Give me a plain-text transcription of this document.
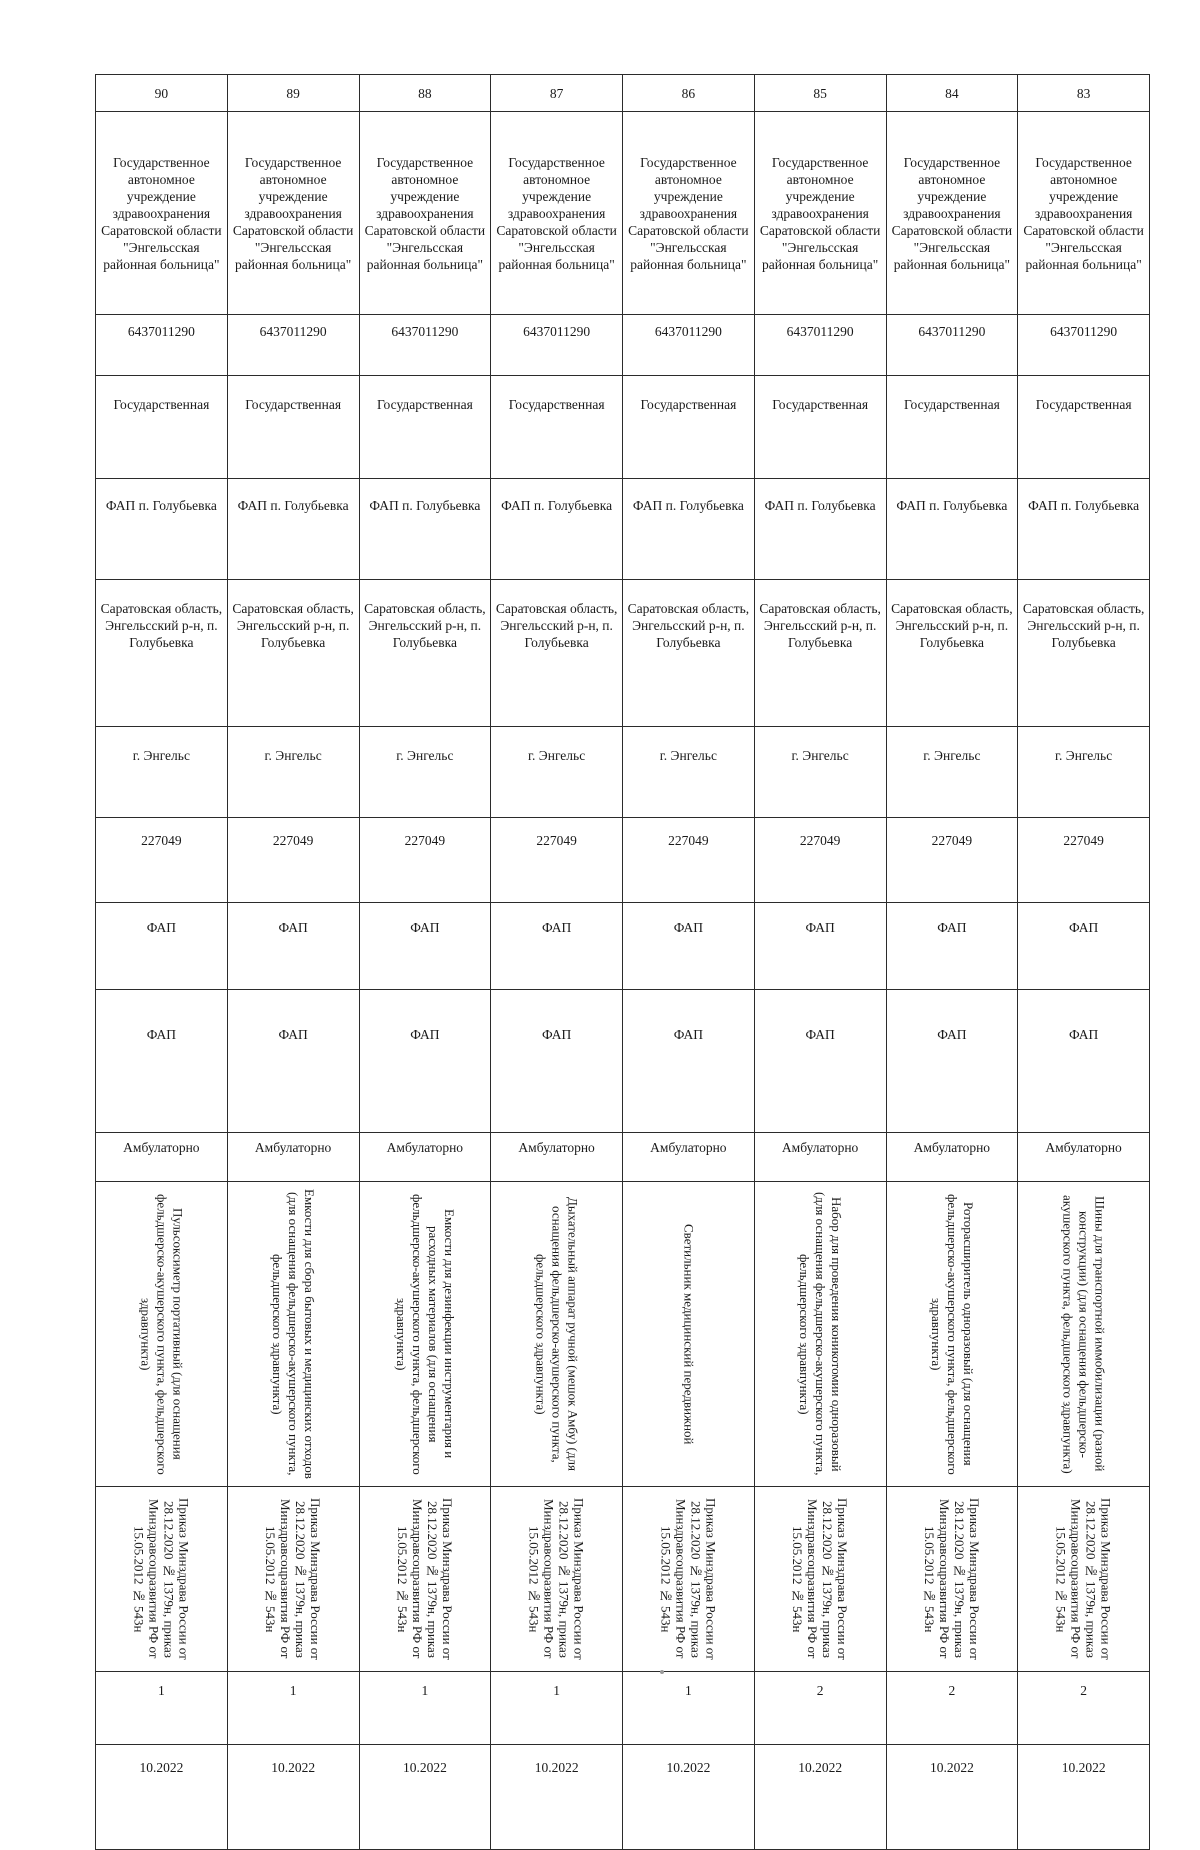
90	89	88	87	86	85	84	83
Государственное автономное учреждение здравоохранения Саратовской области "Энгельсская районная больница"	Государственное автономное учреждение здравоохранения Саратовской области "Энгельсская районная больница"	Государственное автономное учреждение здравоохранения Саратовской области "Энгельсская районная больница"	Государственное автономное учреждение здравоохранения Саратовской области "Энгельсская районная больница"	Государственное автономное учреждение здравоохранения Саратовской области "Энгельсская районная больница"	Государственное автономное учреждение здравоохранения Саратовской области "Энгельсская районная больница"	Государственное автономное учреждение здравоохранения Саратовской области "Энгельсская районная больница"	Государственное автономное учреждение здравоохранения Саратовской области "Энгельсская районная больница"
6437011290	6437011290	6437011290	6437011290	6437011290	6437011290	6437011290	6437011290
Государственная	Государственная	Государственная	Государственная	Государственная	Государственная	Государственная	Государственная
ФАП п. Голубьевка	ФАП п. Голубьевка	ФАП п. Голубьевка	ФАП п. Голубьевка	ФАП п. Голубьевка	ФАП п. Голубьевка	ФАП п. Голубьевка	ФАП п. Голубьевка
Саратовская область, Энгельсский р-н, п. Голубьевка	Саратовская область, Энгельсский р-н, п. Голубьевка	Саратовская область, Энгельсский р-н, п. Голубьевка	Саратовская область, Энгельсский р-н, п. Голубьевка	Саратовская область, Энгельсский р-н, п. Голубьевка	Саратовская область, Энгельсский р-н, п. Голубьевка	Саратовская область, Энгельсский р-н, п. Голубьевка	Саратовская область, Энгельсский р-н, п. Голубьевка
г. Энгельс	г. Энгельс	г. Энгельс	г. Энгельс	г. Энгельс	г. Энгельс	г. Энгельс	г. Энгельс
227049	227049	227049	227049	227049	227049	227049	227049
ФАП	ФАП	ФАП	ФАП	ФАП	ФАП	ФАП	ФАП
ФАП	ФАП	ФАП	ФАП	ФАП	ФАП	ФАП	ФАП
Амбулаторно	Амбулаторно	Амбулаторно	Амбулаторно	Амбулаторно	Амбулаторно	Амбулаторно	Амбулаторно

Пульсоксиметр портативный (для оснащения фельдшерско-акушерского пункта, фельдшерского здравпункта)	Емкости для сбора бытовых и медицинских отходов (для оснащения фельдшерско-акушерского пункта, фельдшерского здравпункта)	Емкости для дезинфекции инструментария и расходных материалов (для оснащения фельдшерско-акушерского пункта, фельдшерского здравпункта)	Дыхательный аппарат ручной (мешок Амбу) (для оснащения фельдшерско-акушерского пункта, фельдшерского здравпункта)	Светильник медицинский передвижной	Набор для проведения коникотомии одноразовый (для оснащения фельдшерско-акушерского пункта, фельдшерского здравпункта)	Роторасширитель одноразовый (для оснащения фельдшерско-акушерского пункта, фельдшерского здравпункта)	Шины для транспортной иммобилизации (разной конструкции) (для оснащения фельдшерско-акушерского пункта, фельдшерского здравпункта)

Приказ Минздрава России от 28.12.2020 № 1379н, приказ Минздравсоцразвития РФ от 15.05.2012 № 543н	Приказ Минздрава России от 28.12.2020 № 1379н, приказ Минздравсоцразвития РФ от 15.05.2012 № 543н	Приказ Минздрава России от 28.12.2020 № 1379н, приказ Минздравсоцразвития РФ от 15.05.2012 № 543н	Приказ Минздрава России от 28.12.2020 № 1379н, приказ Минздравсоцразвития РФ от 15.05.2012 № 543н	Приказ Минздрава России от 28.12.2020 № 1379н, приказ Минздравсоцразвития РФ от 15.05.2012 № 543н	Приказ Минздрава России от 28.12.2020 № 1379н, приказ Минздравсоцразвития РФ от 15.05.2012 № 543н	Приказ Минздрава России от 28.12.2020 № 1379н, приказ Минздравсоцразвития РФ от 15.05.2012 № 543н	Приказ Минздрава России от 28.12.2020 № 1379н, приказ Минздравсоцразвития РФ от 15.05.2012 № 543н

1	1	1	1	1	2	2	2
10.2022	10.2022	10.2022	10.2022	10.2022	10.2022	10.2022	10.2022
